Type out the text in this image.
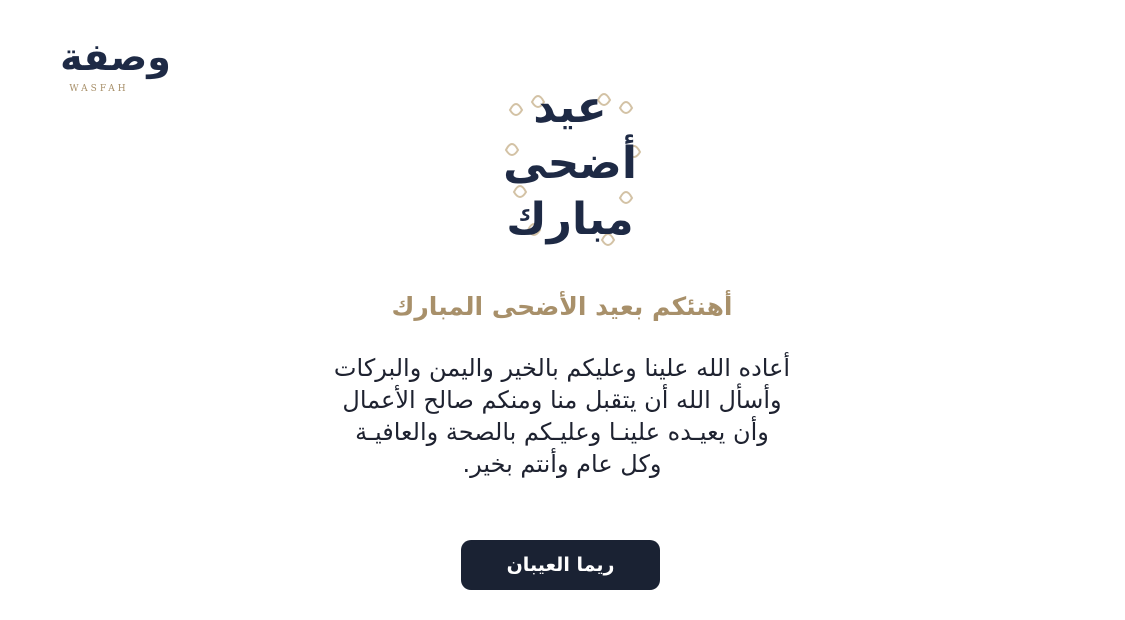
وصفة
WASFAH	عيد
أضحى
مبارك
أهنئكم بعيد الأضحى المبارك
أعاده الله علينا وعليكم بالخير واليمن والبركات
وأسأل الله أن يتقبل منا ومنكم صالح الأعمال
وأن يعيـده علينـا وعليـكم بالصحة والعافيـة
وكل عام وأنتم بخير.
ريما العيبان
